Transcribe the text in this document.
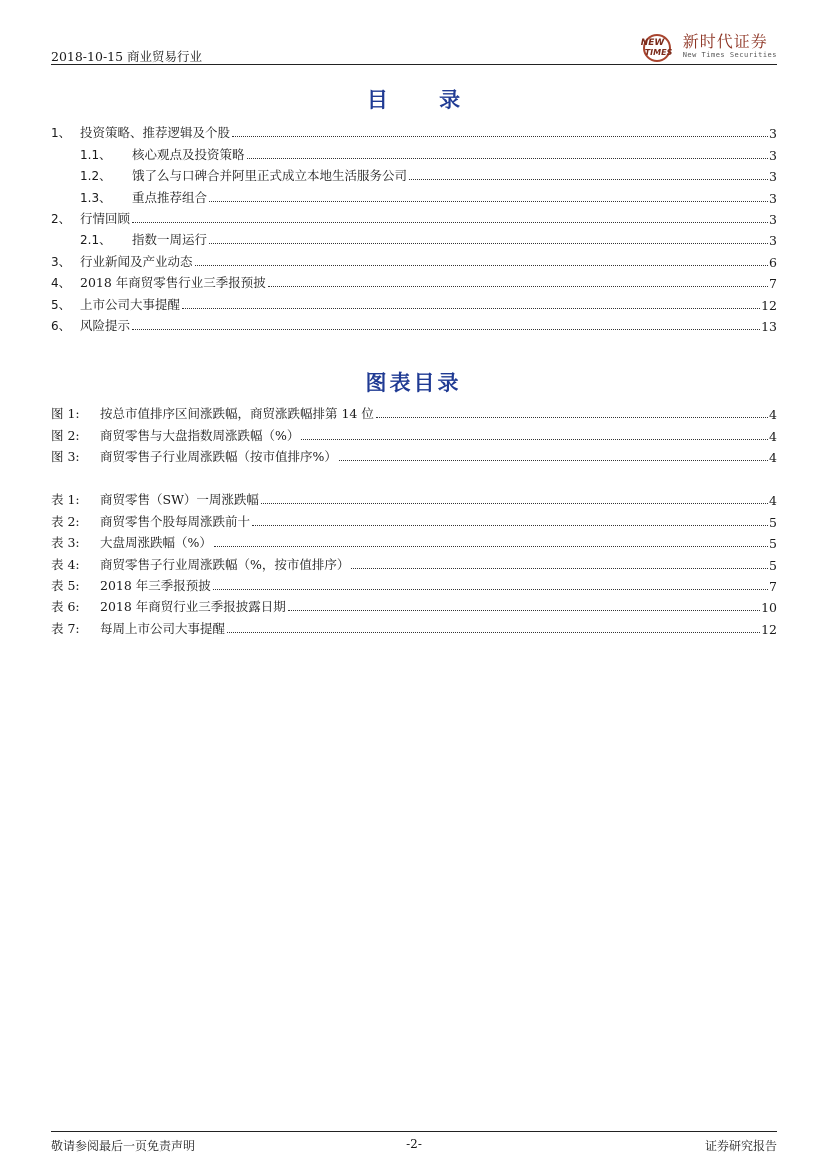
2018-10-15 商业贸易行业
NEW
TIMES
新时代证券
New Times Securities
目 录
1、 投资策略、推荐逻辑及个股	3
1.1、	核心观点及投资策略	3
1.2、	饿了么与口碑合并阿里正式成立本地生活服务公司	3
1.3、	重点推荐组合	3
2、 行情回顾	3
2.1、	指数一周运行	3
3、 行业新闻及产业动态	6
4、 2018 年商贸零售行业三季报预披	7
5、 上市公司大事提醒	12
6、 风险提示	13
图表目录
图 1:	按总市值排序区间涨跌幅，商贸涨跌幅排第 14 位	4
图 2:	商贸零售与大盘指数周涨跌幅（%）	4
图 3:	商贸零售子行业周涨跌幅（按市值排序%）	4
表 1:	商贸零售（SW）一周涨跌幅	4
表 2:	商贸零售个股每周涨跌前十	5
表 3:	大盘周涨跌幅（%）	5
表 4:	商贸零售子行业周涨跌幅（%，按市值排序）	5
表 5:	2018 年三季报预披	7
表 6:	2018 年商贸行业三季报披露日期	10
表 7:	每周上市公司大事提醒	12
敬请参阅最后一页免责声明	-2-	证券研究报告
